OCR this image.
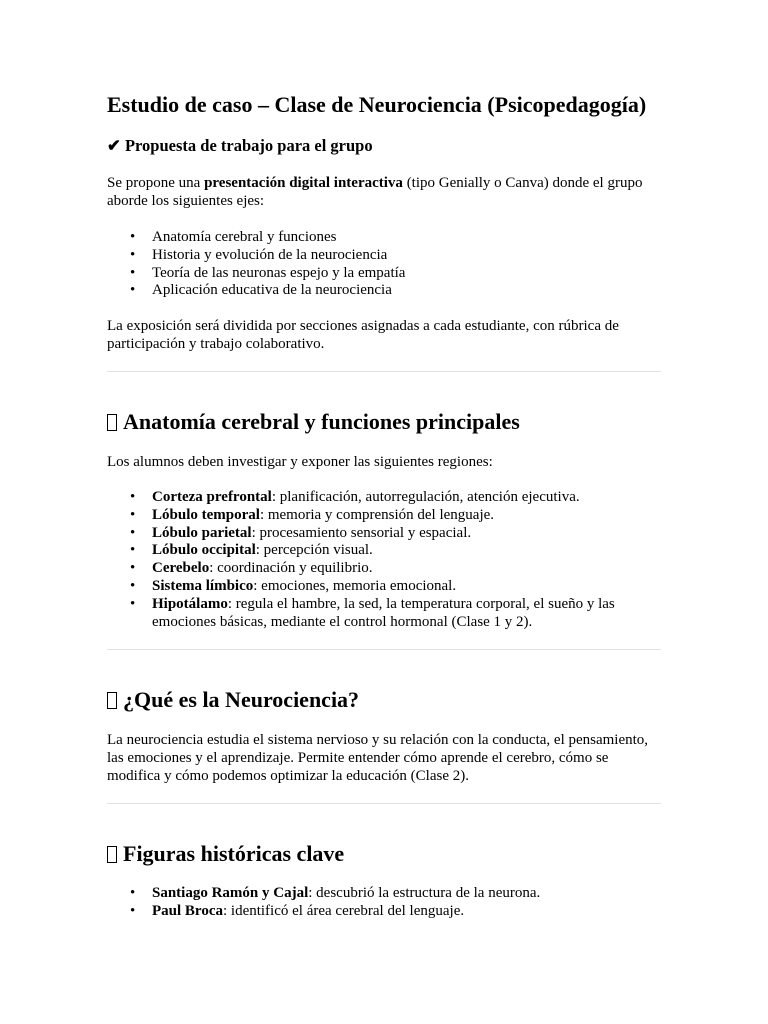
Estudio de caso – Clase de Neurociencia (Psicopedagogía)
✔ Propuesta de trabajo para el grupo

Se propone una presentación digital interactiva (tipo Genially o Canva) donde el grupo aborde los siguientes ejes:

• Anatomía cerebral y funciones
• Historia y evolución de la neurociencia
• Teoría de las neuronas espejo y la empatía
• Aplicación educativa de la neurociencia

La exposición será dividida por secciones asignadas a cada estudiante, con rúbrica de participación y trabajo colaborativo.

Anatomía cerebral y funciones principales

Los alumnos deben investigar y exponer las siguientes regiones:

• Corteza prefrontal: planificación, autorregulación, atención ejecutiva.
• Lóbulo temporal: memoria y comprensión del lenguaje.
• Lóbulo parietal: procesamiento sensorial y espacial.
• Lóbulo occipital: percepción visual.
• Cerebelo: coordinación y equilibrio.
• Sistema límbico: emociones, memoria emocional.
• Hipotálamo: regula el hambre, la sed, la temperatura corporal, el sueño y las emociones básicas, mediante el control hormonal (Clase 1 y 2).
¿Qué es la Neurociencia?

La neurociencia estudia el sistema nervioso y su relación con la conducta, el pensamiento, las emociones y el aprendizaje. Permite entender cómo aprende el cerebro, cómo se modifica y cómo podemos optimizar la educación (Clase 2).

Figuras históricas clave
• Santiago Ramón y Cajal: descubrió la estructura de la neurona.
• Paul Broca: identificó el área cerebral del lenguaje.
